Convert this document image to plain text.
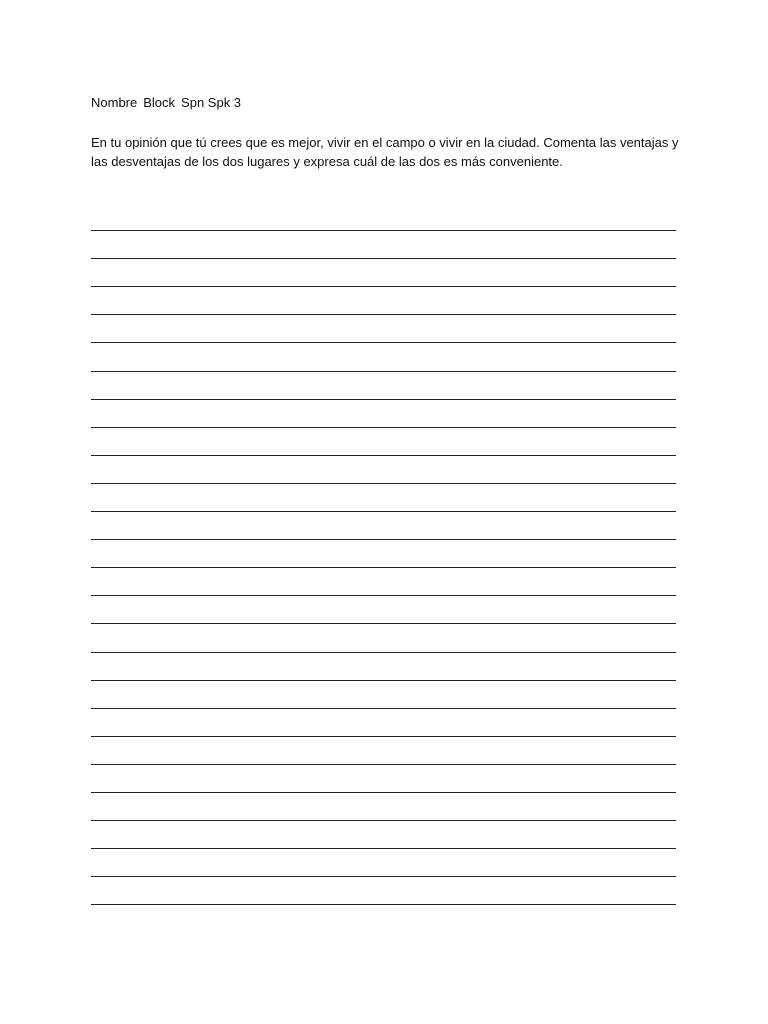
Nombre Block Spn Spk 3
En tu opinión que tú crees que es mejor, vivir en el campo o vivir en la ciudad. Comenta las ventajas y las desventajas de los dos lugares y expresa cuál de las dos es más conveniente.
